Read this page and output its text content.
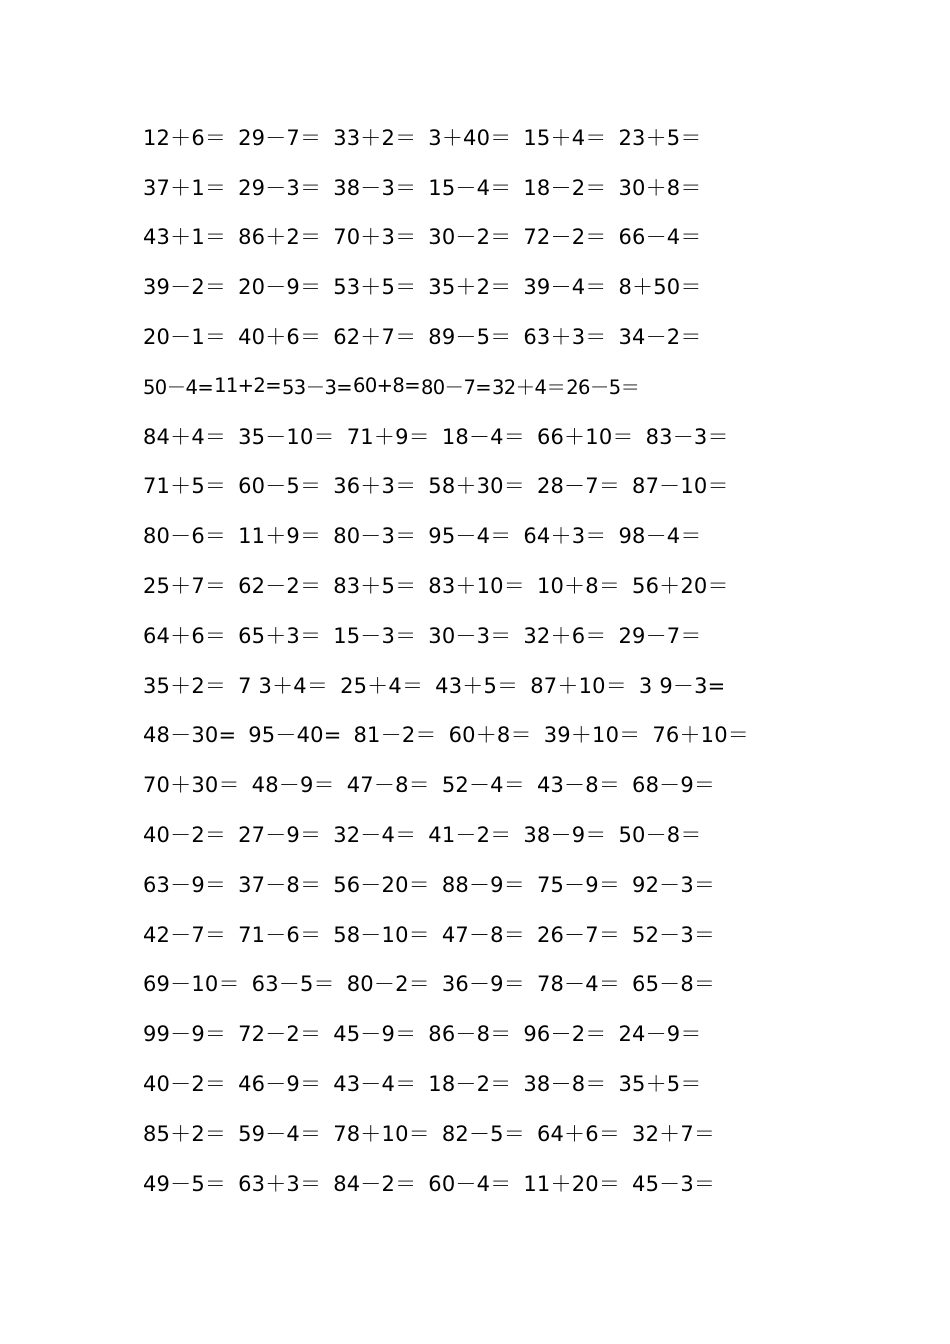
12＋6＝ 29－7＝ 33＋2＝ 3＋40＝ 15＋4＝ 23＋5＝
37＋1＝ 29－3＝ 38－3＝ 15－4＝ 18－2＝ 30＋8＝
43＋1＝ 86＋2＝ 70＋3＝ 30－2＝ 72－2＝ 66－4＝
39－2＝ 20－9＝ 53＋5＝ 35＋2＝ 39－4＝ 8＋50＝
20－1＝ 40＋6＝ 62＋7＝ 89－5＝ 63＋3＝ 34－2＝
50－4= 11+2= 53－3= 60+8= 80－7= 32＋4＝ 26－5＝
84＋4＝ 35－10＝ 71＋9＝ 18－4＝ 66＋10＝ 83－3＝
71＋5＝ 60－5＝ 36＋3＝ 58＋30＝ 28－7＝ 87－10＝
80－6＝ 11＋9＝ 80－3＝ 95－4＝ 64＋3＝ 98－4＝
25＋7＝ 62－2＝ 83＋5＝ 83＋10＝ 10＋8＝ 56＋20＝
64＋6＝ 65＋3＝ 15－3＝ 30－3＝ 32＋6＝ 29－7＝
35＋2＝ 7 3＋4＝ 25＋4＝ 43＋5＝ 87＋10＝ 3 9－3=
48－30= 95－40= 81－2＝ 60＋8＝ 39＋10＝ 76＋10＝
70＋30＝ 48－9＝ 47－8＝ 52－4＝ 43－8＝ 68－9＝
40－2＝ 27－9＝ 32－4＝ 41－2＝ 38－9＝ 50－8＝
63－9＝ 37－8＝ 56－20＝ 88－9＝ 75－9＝ 92－3＝
42－7＝ 71－6＝ 58－10＝ 47－8＝ 26－7＝ 52－3＝
69－10＝ 63－5＝ 80－2＝ 36－9＝ 78－4＝ 65－8＝
99－9＝ 72－2＝ 45－9＝ 86－8＝ 96－2＝ 24－9＝
40－2＝ 46－9＝ 43－4＝ 18－2＝ 38－8＝ 35＋5＝
85＋2＝ 59－4＝ 78＋10＝ 82－5＝ 64＋6＝ 32＋7＝
49－5＝ 63＋3＝ 84－2＝ 60－4＝ 11＋20＝ 45－3＝
